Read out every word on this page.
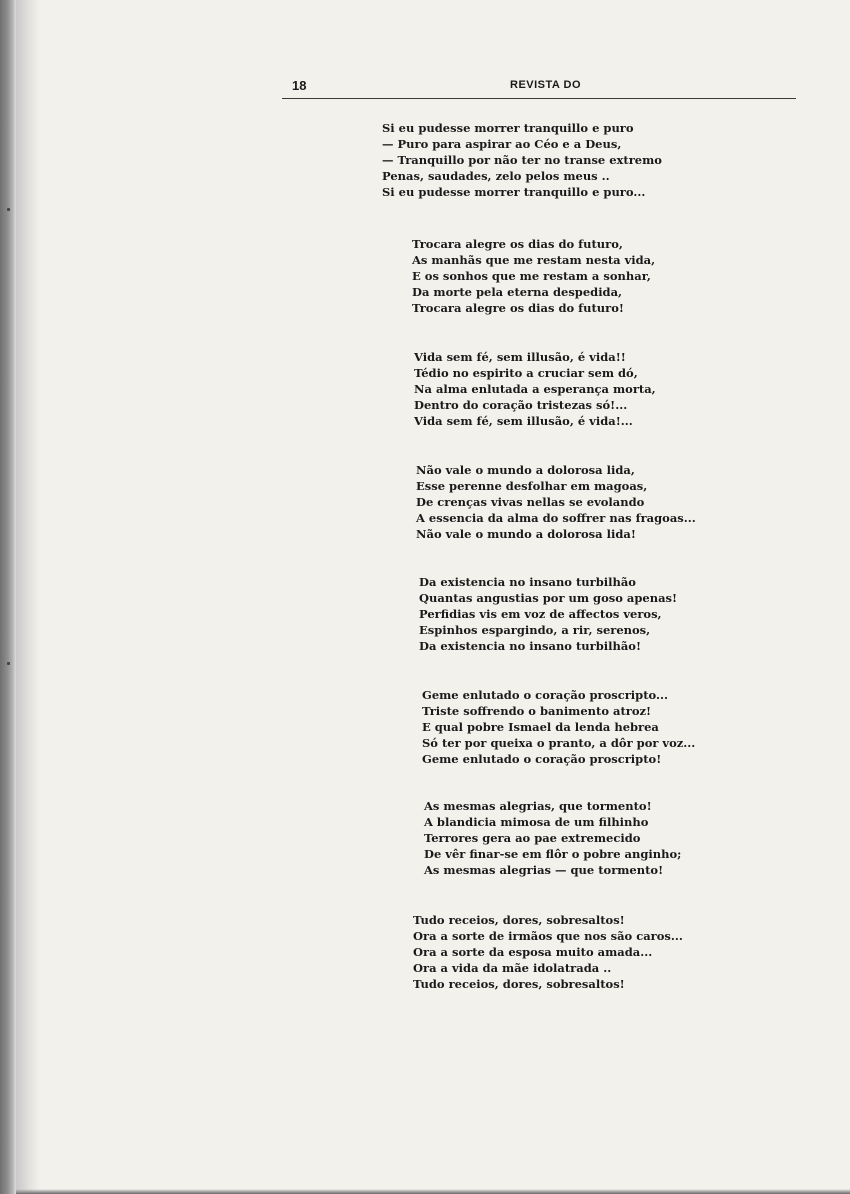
18	REVISTA DO
Si eu pudesse morrer tranquillo e puro
— Puro para aspirar ao Céo e a Deus,
— Tranquillo por não ter no transe extremo
Penas, saudades, zelo pelos meus ..
Si eu pudesse morrer tranquillo e puro...
Trocara alegre os dias do futuro,
As manhãs que me restam nesta vida,
E os sonhos que me restam a sonhar,
Da morte pela eterna despedida,
Trocara alegre os dias do futuro!
Vida sem fé, sem illusão, é vida!!
Tédio no espirito a cruciar sem dó,
Na alma enlutada a esperança morta,
Dentro do coração tristezas só!...
Vida sem fé, sem illusão, é vida!...
Não vale o mundo a dolorosa lida,
Esse perenne desfolhar em magoas,
De crenças vivas nellas se evolando
A essencia da alma do soffrer nas fragoas...
Não vale o mundo a dolorosa lida!
Da existencia no insano turbilhão
Quantas angustias por um goso apenas!
Perfidias vis em voz de affectos veros,
Espinhos espargindo, a rir, serenos,
Da existencia no insano turbilhão!
Geme enlutado o coração proscripto...
Triste soffrendo o banimento atroz!
E qual pobre Ismael da lenda hebrea
Só ter por queixa o pranto, a dôr por voz...
Geme enlutado o coração proscripto!
As mesmas alegrias, que tormento!
A blandicia mimosa de um filhinho
Terrores gera ao pae extremecido
De vêr finar-se em flôr o pobre anginho;
As mesmas alegrias — que tormento!
Tudo receios, dores, sobresaltos!
Ora a sorte de irmãos que nos são caros...
Ora a sorte da esposa muito amada...
Ora a vida da mãe idolatrada ..
Tudo receios, dores, sobresaltos!
